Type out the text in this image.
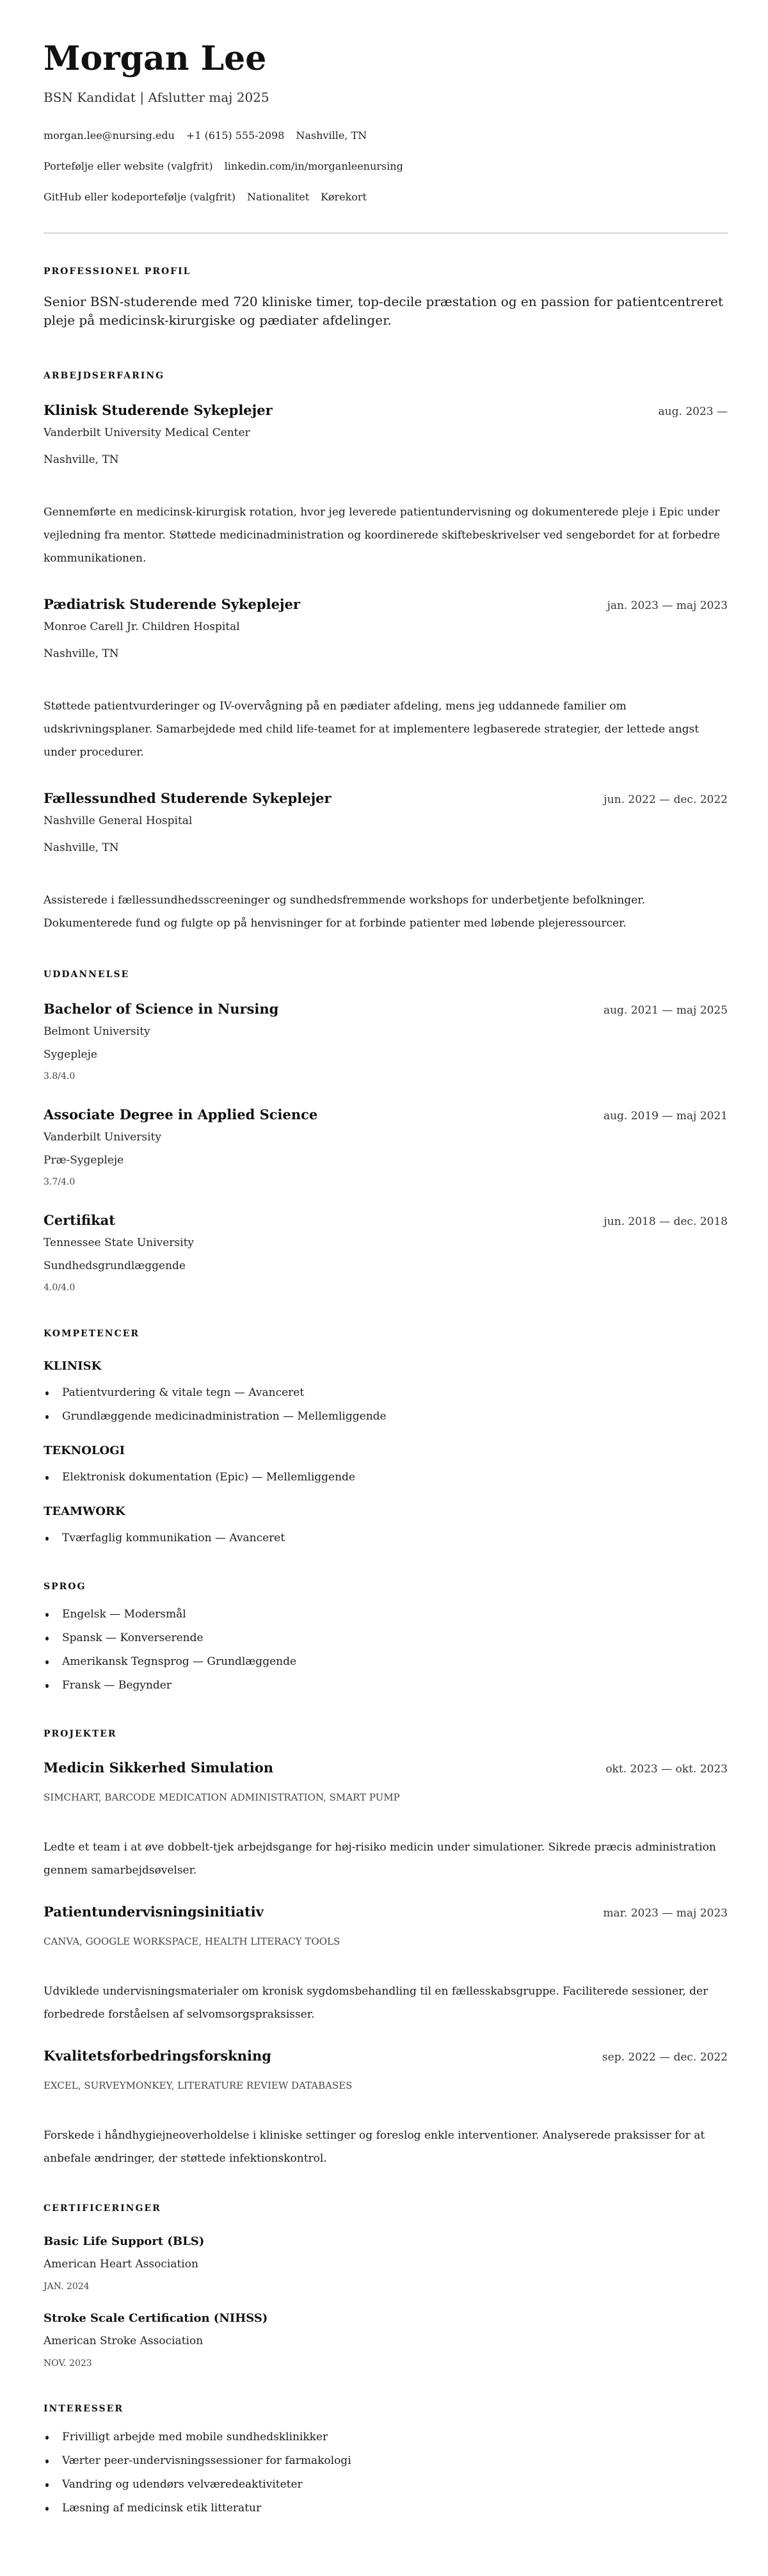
Morgan Lee
BSN Kandidat | Afslutter maj 2025
morgan.lee@nursing.edu +1 (615) 555-2098 Nashville, TN
Portefølje eller website (valgfrit) linkedin.com/in/morganleenursing
GitHub eller kodeportefølje (valgfrit) Nationalitet Kørekort
PROFESSIONEL PROFIL

Senior BSN-studerende med 720 kliniske timer, top-decile præstation og en passion for patientcentreret pleje på medicinsk-kirurgiske og pædiater afdelinger.

ARBEJDSERFARING
Klinisk Studerende Sykeplejer	aug. 2023 —
Vanderbilt University Medical Center
Nashville, TN

Gennemførte en medicinsk-kirurgisk rotation, hvor jeg leverede patientundervisning og dokumenterede pleje i Epic under vejledning fra mentor. Støttede medicinadministration og koordinerede skiftebeskrivelser ved sengebordet for at forbedre kommunikationen.

Pædiatrisk Studerende Sykeplejer	jan. 2023 — maj 2023
Monroe Carell Jr. Children Hospital
Nashville, TN

Støttede patientvurderinger og IV-overvågning på en pædiater afdeling, mens jeg uddannede familier om udskrivningsplaner. Samarbejdede med child life-teamet for at implementere legbaserede strategier, der lettede angst under procedurer.

Fællessundhed Studerende Sykeplejer	jun. 2022 — dec. 2022
Nashville General Hospital
Nashville, TN

Assisterede i fællessundhedsscreeninger og sundhedsfremmende workshops for underbetjente befolkninger. Dokumenterede fund og fulgte op på henvisninger for at forbinde patienter med løbende plejeressourcer.

UDDANNELSE
Bachelor of Science in Nursing	aug. 2021 — maj 2025
Belmont University
Sygepleje
3.8/4.0
Associate Degree in Applied Science	aug. 2019 — maj 2021
Vanderbilt University
Præ-Sygepleje
3.7/4.0
Certifikat	jun. 2018 — dec. 2018
Tennessee State University
Sundhedsgrundlæggende
4.0/4.0
KOMPETENCER
KLINISK
Patientvurdering & vitale tegn — Avanceret
Grundlæggende medicinadministration — Mellemliggende
TEKNOLOGI
Elektronisk dokumentation (Epic) — Mellemliggende
TEAMWORK
Tværfaglig kommunikation — Avanceret
SPROG
Engelsk — Modersmål
Spansk — Konverserende
Amerikansk Tegnsprog — Grundlæggende
Fransk — Begynder
PROJEKTER
Medicin Sikkerhed Simulation	okt. 2023 — okt. 2023
SIMCHART, BARCODE MEDICATION ADMINISTRATION, SMART PUMP

Ledte et team i at øve dobbelt-tjek arbejdsgange for høj-risiko medicin under simulationer. Sikrede præcis administration gennem samarbejdsøvelser.

Patientundervisningsinitiativ	mar. 2023 — maj 2023
CANVA, GOOGLE WORKSPACE, HEALTH LITERACY TOOLS

Udviklede undervisningsmaterialer om kronisk sygdomsbehandling til en fællesskabsgruppe. Faciliterede sessioner, der forbedrede forståelsen af selvomsorgspraksisser.

Kvalitetsforbedringsforskning	sep. 2022 — dec. 2022
EXCEL, SURVEYMONKEY, LITERATURE REVIEW DATABASES

Forskede i håndhygiejneoverholdelse i kliniske settinger og foreslog enkle interventioner. Analyserede praksisser for at anbefale ændringer, der støttede infektionskontrol.

CERTIFICERINGER
Basic Life Support (BLS)
American Heart Association
JAN. 2024
Stroke Scale Certification (NIHSS)
American Stroke Association
NOV. 2023
INTERESSER
Frivilligt arbejde med mobile sundhedsklinikker
Værter peer-undervisningssessioner for farmakologi
Vandring og udendørs velværedeaktiviteter
Læsning af medicinsk etik litteratur
